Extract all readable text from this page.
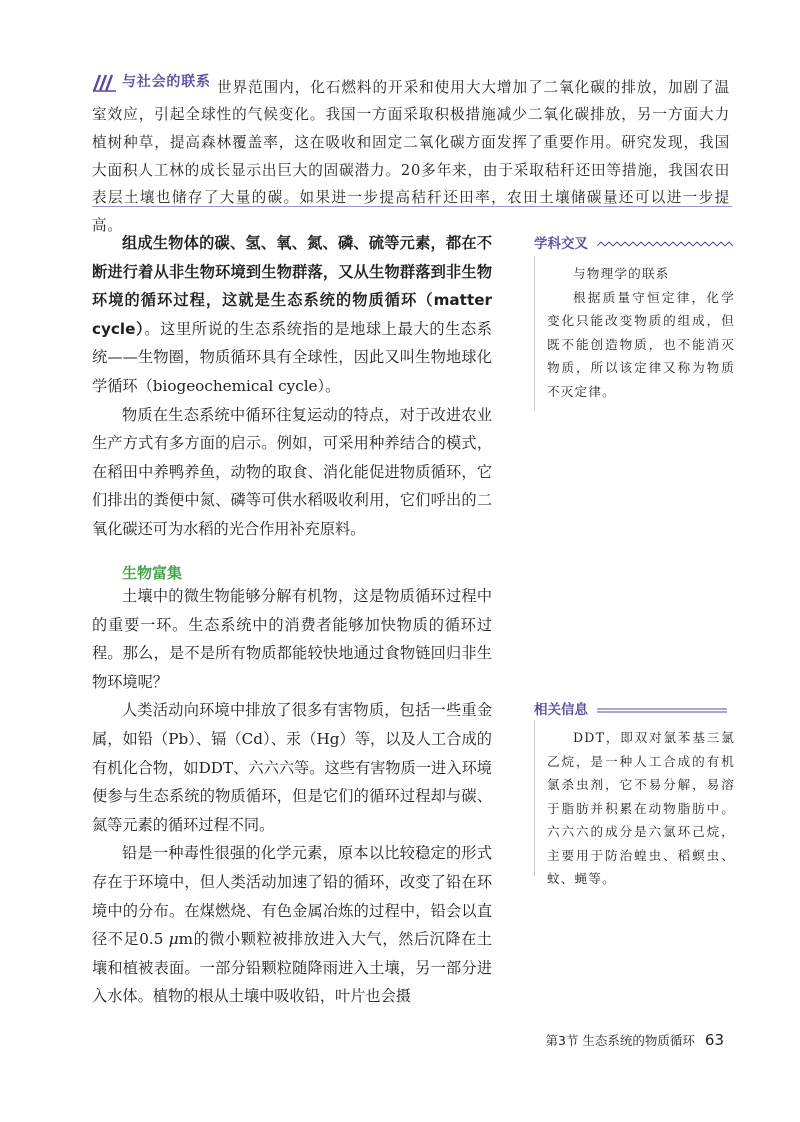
与社会的联系 世界范围内，化石燃料的开采和使用大大增加了二氧化碳的排放，加剧了温室效应，引起全球性的气候变化。我国一方面采取积极措施减少二氧化碳排放，另一方面大力植树种草，提高森林覆盖率，这在吸收和固定二氧化碳方面发挥了重要作用。研究发现，我国大面积人工林的成长显示出巨大的固碳潜力。20多年来，由于采取秸秆还田等措施，我国农田表层土壤也储存了大量的碳。如果进一步提高秸秆还田率，农田土壤储碳量还可以进一步提高。

组成生物体的碳、氢、氧、氮、磷、硫等元素，都在不断进行着从非生物环境到生物群落，又从生物群落到非生物环境的循环过程，这就是生态系统的物质循环（matter cycle）。这里所说的生态系统指的是地球上最大的生态系统——生物圈，物质循环具有全球性，因此又叫生物地球化学循环（biogeochemical cycle）。

物质在生态系统中循环往复运动的特点，对于改进农业生产方式有多方面的启示。例如，可采用种养结合的模式，在稻田中养鸭养鱼，动物的取食、消化能促进物质循环，它们排出的粪便中氮、磷等可供水稻吸收利用，它们呼出的二氧化碳还可为水稻的光合作用补充原料。

生物富集

土壤中的微生物能够分解有机物，这是物质循环过程中的重要一环。生态系统中的消费者能够加快物质的循环过程。那么，是不是所有物质都能较快地通过食物链回归非生物环境呢？

人类活动向环境中排放了很多有害物质，包括一些重金属，如铅（Pb）、镉（Cd）、汞（Hg）等，以及人工合成的有机化合物，如DDT、六六六等。这些有害物质一进入环境便参与生态系统的物质循环，但是它们的循环过程却与碳、氮等元素的循环过程不同。

铅是一种毒性很强的化学元素，原本以比较稳定的形式存在于环境中，但人类活动加速了铅的循环，改变了铅在环境中的分布。在煤燃烧、有色金属冶炼的过程中，铅会以直径不足0.5 μm的微小颗粒被排放进入大气，然后沉降在土壤和植被表面。一部分铅颗粒随降雨进入土壤，另一部分进入水体。植物的根从土壤中吸收铅，叶片也会摄

学科交叉
与物理学的联系
根据质量守恒定律，化学变化只能改变物质的组成，但既不能创造物质，也不能消灭物质，所以该定律又称为物质不灭定律。
相关信息
DDT，即双对氯苯基三氯乙烷，是一种人工合成的有机氯杀虫剂，它不易分解，易溶于脂肪并积累在动物脂肪中。六六六的成分是六氯环己烷，主要用于防治蝗虫、稻螟虫、蚊、蝇等。
第3节 生态系统的物质循环 63
